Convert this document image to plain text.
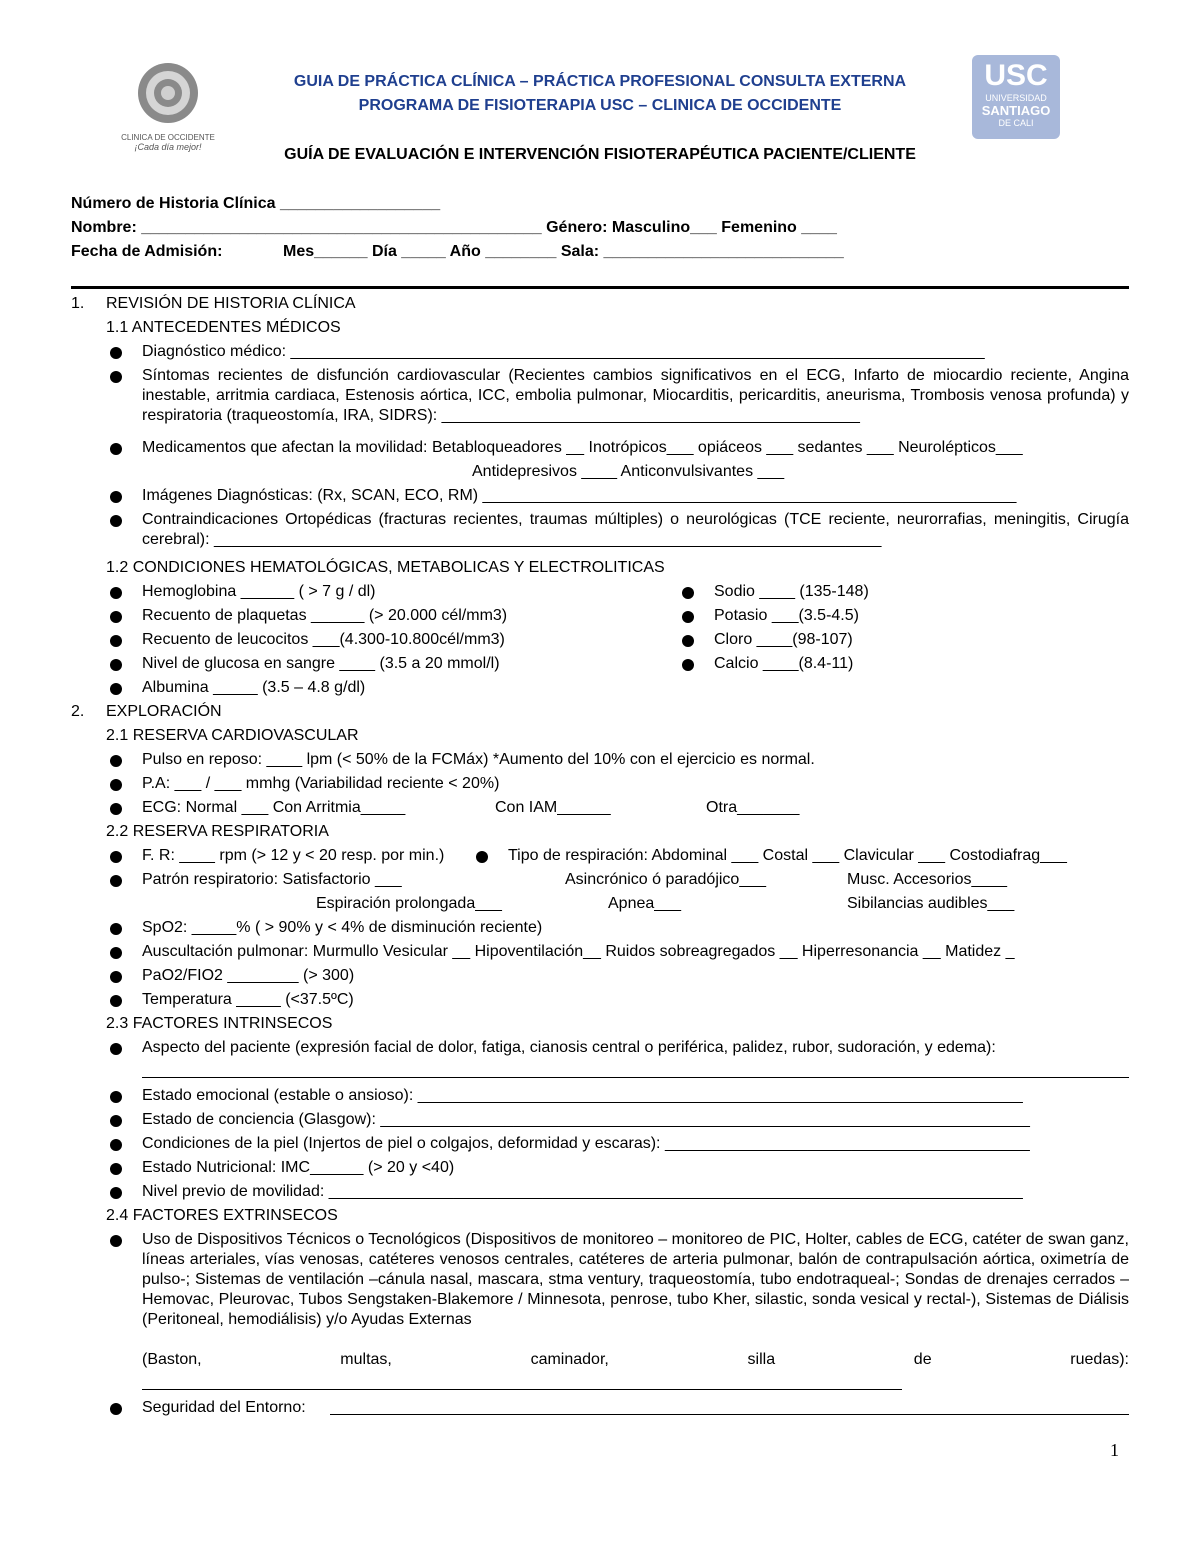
CLINICA DE OCCIDENTE
¡Cada día mejor!
USC
UNIVERSIDAD
SANTIAGO
DE CALI
GUIA DE PRÁCTICA CLÍNICA – PRÁCTICA PROFESIONAL CONSULTA EXTERNA
PROGRAMA DE FISIOTERAPIA USC – CLINICA DE OCCIDENTE
GUÍA DE EVALUACIÓN E INTERVENCIÓN FISIOTERAPÉUTICA PACIENTE/CLIENTE
Número de Historia Clínica __________________
Nombre: _____________________________________________ Género: Masculino___ Femenino ____
Fecha de Admisión:	Mes______ Día _____ Año ________ Sala: ___________________________
1. REVISIÓN DE HISTORIA CLÍNICA
1.1 ANTECEDENTES MÉDICOS
Diagnóstico médico: ______________________________________________________________________________
Síntomas recientes de disfunción cardiovascular (Recientes cambios significativos en el ECG, Infarto de miocardio reciente, Angina inestable, arritmia cardiaca, Estenosis aórtica, ICC, embolia pulmonar, Miocarditis, pericarditis, aneurisma, Trombosis venosa profunda) y respiratoria (traqueostomía, IRA, SIDRS): _______________________________________________
Medicamentos que afectan la movilidad: Betabloqueadores __ Inotrópicos___ opiáceos ___ sedantes ___ Neurolépticos___
Antidepresivos ____ Anticonvulsivantes ___
Imágenes Diagnósticas: (Rx, SCAN, ECO, RM) ____________________________________________________________
Contraindicaciones Ortopédicas (fracturas recientes, traumas múltiples) o neurológicas (TCE reciente, neurorrafias, meningitis, Cirugía cerebral): ___________________________________________________________________________
1.2 CONDICIONES HEMATOLÓGICAS, METABOLICAS Y ELECTROLITICAS
Hemoglobina ______ ( > 7 g / dl)
Recuento de plaquetas ______ (> 20.000 cél/mm3)
Recuento de leucocitos ___(4.300-10.800cél/mm3)
Nivel de glucosa en sangre ____ (3.5 a 20 mmol/l)
Albumina _____ (3.5 – 4.8 g/dl)
Sodio ____ (135-148)
Potasio ___(3.5-4.5)
Cloro ____(98-107)
Calcio ____(8.4-11)
2. EXPLORACIÓN
2.1 RESERVA CARDIOVASCULAR
Pulso en reposo: ____ lpm (< 50% de la FCMáx) *Aumento del 10% con el ejercicio es normal.
P.A: ___ / ___ mmhg (Variabilidad reciente < 20%)
ECG: Normal ___ Con Arritmia_____	Con IAM______	Otra_______
2.2 RESERVA RESPIRATORIA
F. R: ____ rpm (> 12 y < 20 resp. por min.)	Tipo de respiración: Abdominal ___ Costal ___ Clavicular ___ Costodiafrag___
Patrón respiratorio: Satisfactorio ___	Asincrónico ó paradójico___	Musc. Accesorios____
Espiración prolongada___	Apnea___	Sibilancias audibles___
SpO2: _____% ( > 90% y < 4% de disminución reciente)
Auscultación pulmonar: Murmullo Vesicular __ Hipoventilación__ Ruidos sobreagregados __ Hiperresonancia __ Matidez _
PaO2/FIO2 ________ (> 300)
Temperatura _____ (<37.5ºC)
2.3 FACTORES INTRINSECOS
Aspecto del paciente (expresión facial de dolor, fatiga, cianosis central o periférica, palidez, rubor, sudoración, y edema):
Estado emocional (estable o ansioso): ____________________________________________________________________
Estado de conciencia (Glasgow): _________________________________________________________________________
Condiciones de la piel (Injertos de piel o colgajos, deformidad y escaras): _________________________________________
Estado Nutricional: IMC______ (> 20 y <40)
Nivel previo de movilidad: ______________________________________________________________________________
2.4 FACTORES EXTRINSECOS
Uso de Dispositivos Técnicos o Tecnológicos (Dispositivos de monitoreo – monitoreo de PIC, Holter, cables de ECG, catéter de swan ganz, líneas arteriales, vías venosas, catéteres venosos centrales, catéteres de arteria pulmonar, balón de contrapulsación aórtica, oximetría de pulso-; Sistemas de ventilación –cánula nasal, mascara, stma ventury, traqueostomía, tubo endotraqueal-; Sondas de drenajes cerrados –Hemovac, Pleurovac, Tubos Sengstaken-Blakemore / Minnesota, penrose, tubo Kher, silastic, sonda vesical y rectal-), Sistemas de Diálisis (Peritoneal, hemodiálisis) y/o Ayudas Externas
(Baston, multas, caminador, silla de ruedas):
Seguridad del Entorno:
1
